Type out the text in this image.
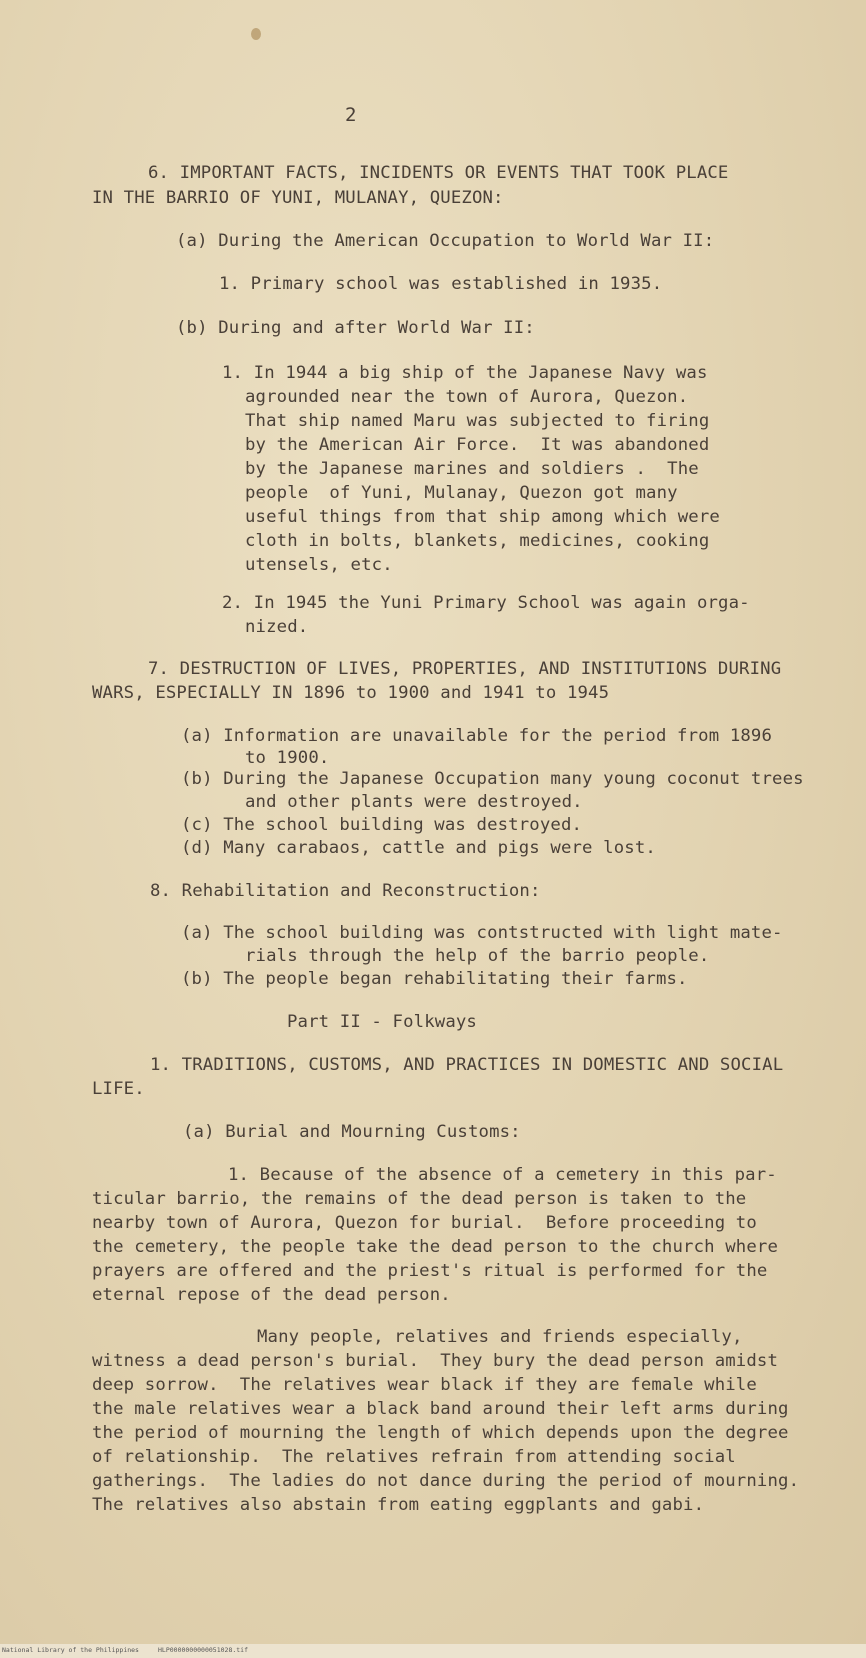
2
6. IMPORTANT FACTS, INCIDENTS OR EVENTS THAT TOOK PLACE
IN THE BARRIO OF YUNI, MULANAY, QUEZON:
(a) During the American Occupation to World War II:
1. Primary school was established in 1935.
(b) During and after World War II:
1. In 1944 a big ship of the Japanese Navy was
agrounded near the town of Aurora, Quezon.
That ship named Maru was subjected to firing
by the American Air Force.  It was abandoned
by the Japanese marines and soldiers .  The
people  of Yuni, Mulanay, Quezon got many
useful things from that ship among which were
cloth in bolts, blankets, medicines, cooking
utensels, etc.
2. In 1945 the Yuni Primary School was again orga-
nized.
7. DESTRUCTION OF LIVES, PROPERTIES, AND INSTITUTIONS DURING
WARS, ESPECIALLY IN 1896 to 1900 and 1941 to 1945
(a) Information are unavailable for the period from 1896
to 1900.
(b) During the Japanese Occupation many young coconut trees
and other plants were destroyed.
(c) The school building was destroyed.
(d) Many carabaos, cattle and pigs were lost.
8. Rehabilitation and Reconstruction:
(a) The school building was contstructed with light mate-
rials through the help of the barrio people.
(b) The people began rehabilitating their farms.
Part II - Folkways
1. TRADITIONS, CUSTOMS, AND PRACTICES IN DOMESTIC AND SOCIAL
LIFE.
(a) Burial and Mourning Customs:
1. Because of the absence of a cemetery in this par-
ticular barrio, the remains of the dead person is taken to the
nearby town of Aurora, Quezon for burial.  Before proceeding to
the cemetery, the people take the dead person to the church where
prayers are offered and the priest's ritual is performed for the
eternal repose of the dead person.
Many people, relatives and friends especially,
witness a dead person's burial.  They bury the dead person amidst
deep sorrow.  The relatives wear black if they are female while
the male relatives wear a black band around their left arms during
the period of mourning the length of which depends upon the degree
of relationship.  The relatives refrain from attending social
gatherings.  The ladies do not dance during the period of mourning.
The relatives also abstain from eating eggplants and gabi.
National Library of the Philippines	HLP0000000000051028.tif
